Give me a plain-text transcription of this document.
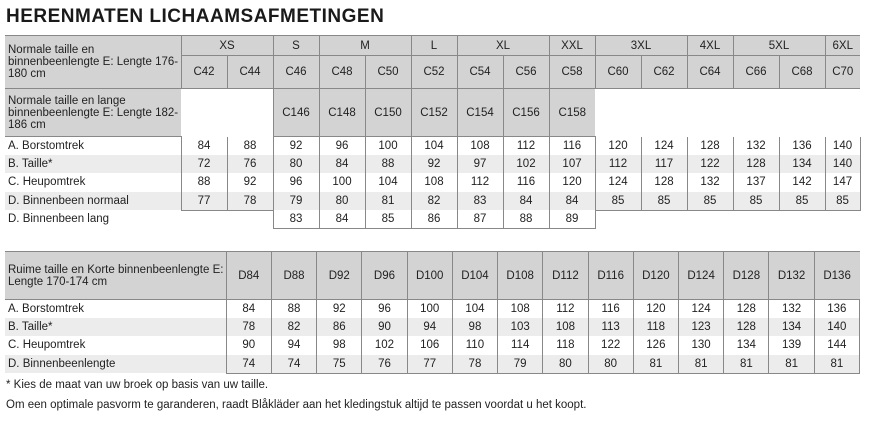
HERENMATEN LICHAAMSAFMETINGEN
Normale taille en binnenbeenlengte E: Lengte 176-180 cm	XS		S	M		L	XL		XXL	3XL		4XL	5XL		6XL
	C42	C44	C46	C48	C50	C52	C54	C56	C58	C60	C62	C64	C66	C68	C70
Normale taille en lange binnenbeenlengte E: Lengte 182-186 cm			C146	C148	C150	C152	C154	C156	C158						
A. Borstomtrek	84	88	92	96	100	104	108	112	116	120	124	128	132	136	140
B. Taille*	72	76	80	84	88	92	97	102	107	112	117	122	128	134	140
C. Heupomtrek	88	92	96	100	104	108	112	116	120	124	128	132	137	142	147
D. Binnenbeen normaal	77	78	79	80	81	82	83	84	84	85	85	85	85	85	85
D. Binnenbeen lang			83	84	85	86	87	88	89						
Ruime taille en Korte binnenbeenlengte E: Lengte 170-174 cm	D84	D88	D92	D96	D100	D104	D108	D112	D116	D120	D124	D128	D132	D136
A. Borstomtrek	84	88	92	96	100	104	108	112	116	120	124	128	132	136
B. Taille*	78	82	86	90	94	98	103	108	113	118	123	128	134	140
C. Heupomtrek	90	94	98	102	106	110	114	118	122	126	130	134	139	144
D. Binnenbeenlengte	74	74	75	76	77	78	79	80	80	81	81	81	81	81
* Kies de maat van uw broek op basis van uw taille.
Om een optimale pasvorm te garanderen, raadt Blåkläder aan het kledingstuk altijd te passen voordat u het koopt.
